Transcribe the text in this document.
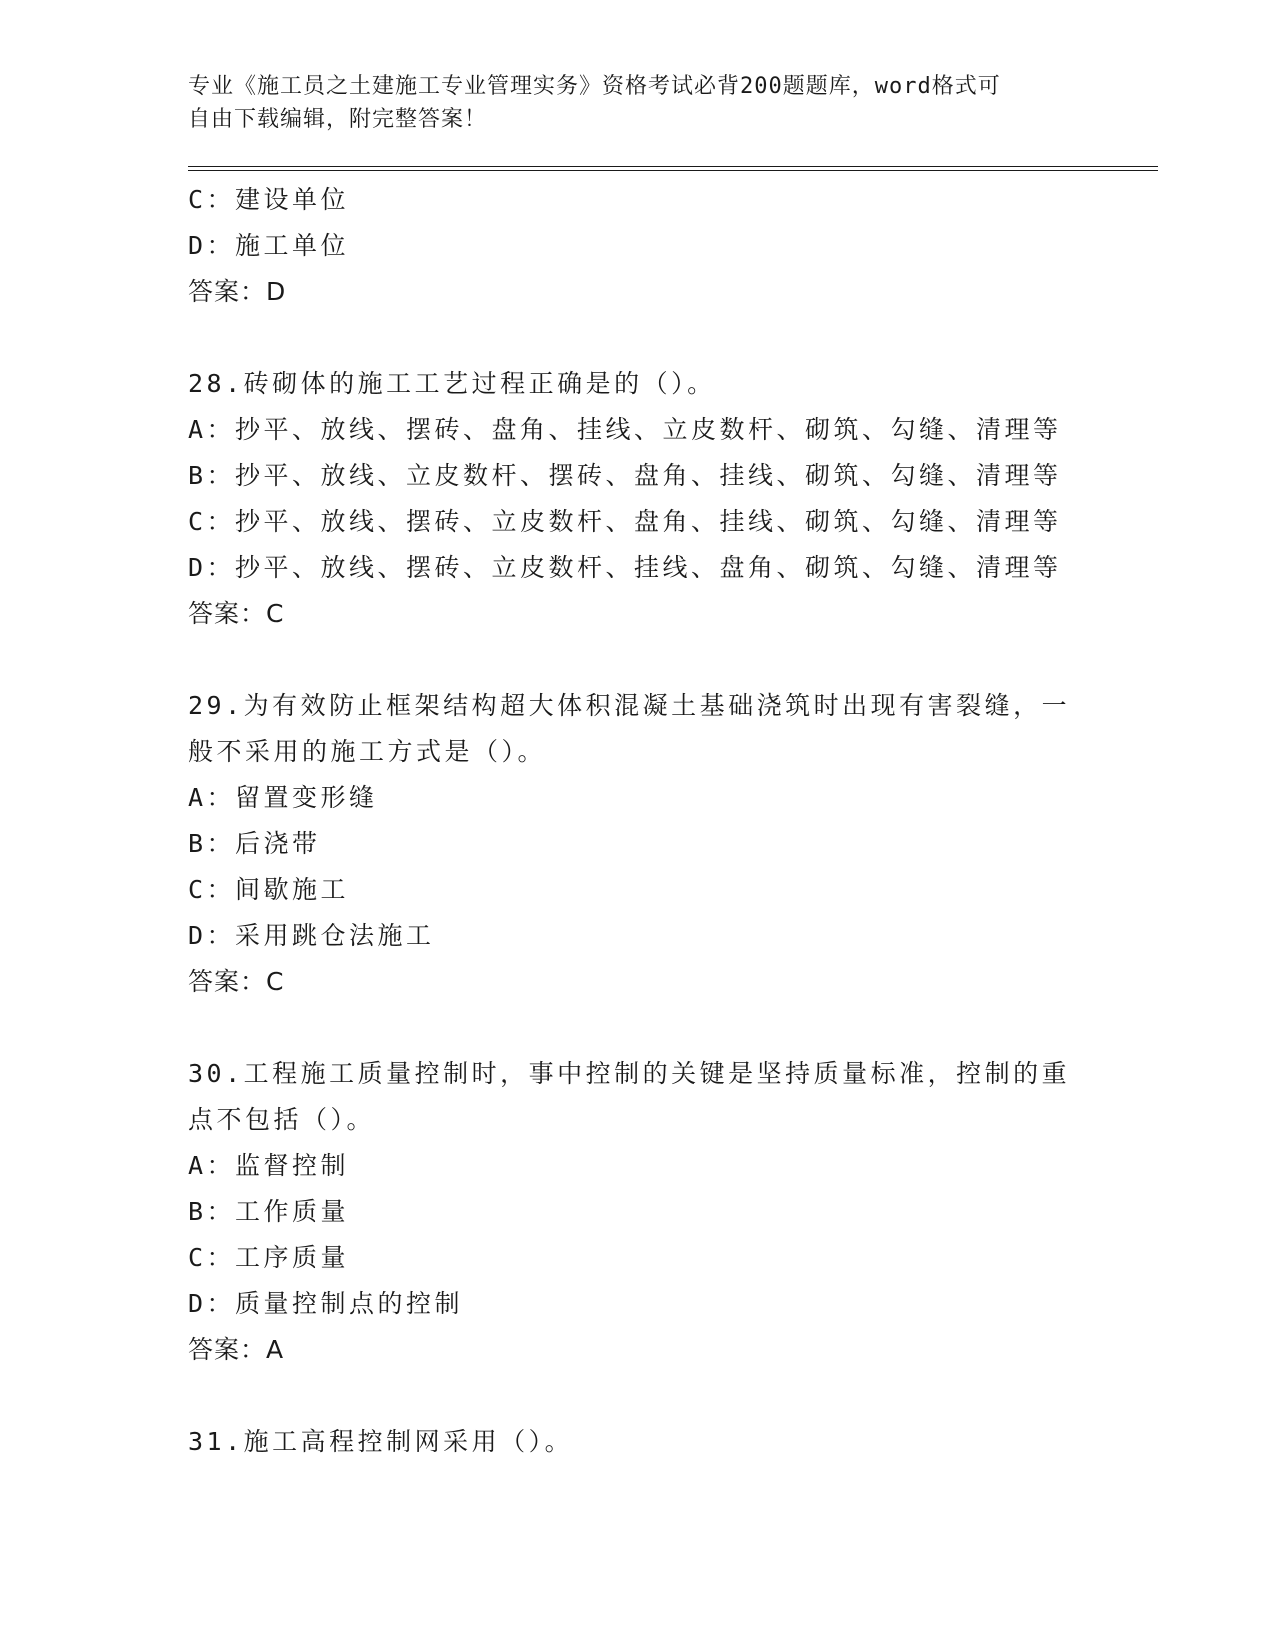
专业《施工员之土建施工专业管理实务》资格考试必背200题题库，word格式可
自由下载编辑，附完整答案！
C：建设单位
D：施工单位
答案：D
28.砖砌体的施工工艺过程正确是的（）。
A：抄平、放线、摆砖、盘角、挂线、立皮数杆、砌筑、勾缝、清理等
B：抄平、放线、立皮数杆、摆砖、盘角、挂线、砌筑、勾缝、清理等
C：抄平、放线、摆砖、立皮数杆、盘角、挂线、砌筑、勾缝、清理等
D：抄平、放线、摆砖、立皮数杆、挂线、盘角、砌筑、勾缝、清理等
答案：C
29.为有效防止框架结构超大体积混凝土基础浇筑时出现有害裂缝，一
般不采用的施工方式是（）。
A：留置变形缝
B：后浇带
C：间歇施工
D：采用跳仓法施工
答案：C
30.工程施工质量控制时，事中控制的关键是坚持质量标准，控制的重
点不包括（）。
A：监督控制
B：工作质量
C：工序质量
D：质量控制点的控制
答案：A
31.施工高程控制网采用（）。
